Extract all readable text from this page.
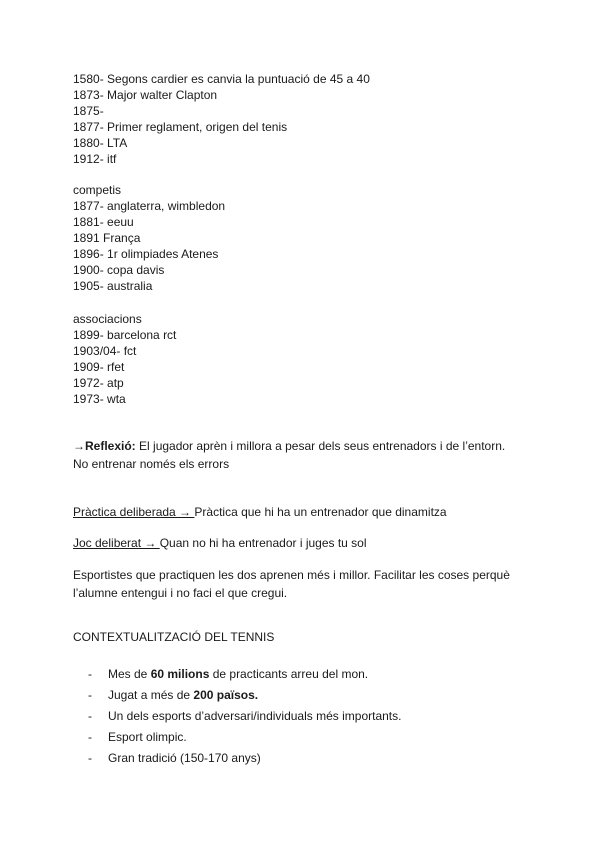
1580- Segons cardier es canvia la puntuació de 45 a 40
1873- Major walter Clapton
1875-
1877- Primer reglament, origen del tenis
1880- LTA
1912- itf
competis
1877- anglaterra, wimbledon
1881- eeuu
1891 França
1896- 1r olimpiades Atenes
1900- copa davis
1905- australia
associacions
1899- barcelona rct
1903/04- fct
1909- rfet
1972- atp
1973- wta
→Reflexió: El jugador aprèn i millora a pesar dels seus entrenadors i de l’entorn.
No entrenar només els errors
Pràctica deliberada → Pràctica que hi ha un entrenador que dinamitza
Joc deliberat → Quan no hi ha entrenador i juges tu sol
Esportistes que practiquen les dos aprenen més i millor. Facilitar les coses perquè
l’alumne entengui i no faci el que cregui.
CONTEXTUALITZACIÓ DEL TENNIS
- Mes de 60 milions de practicants arreu del mon.
- Jugat a més de 200 països.
- Un dels esports d’adversari/individuals més importants.
- Esport olimpic.
- Gran tradició (150-170 anys)
